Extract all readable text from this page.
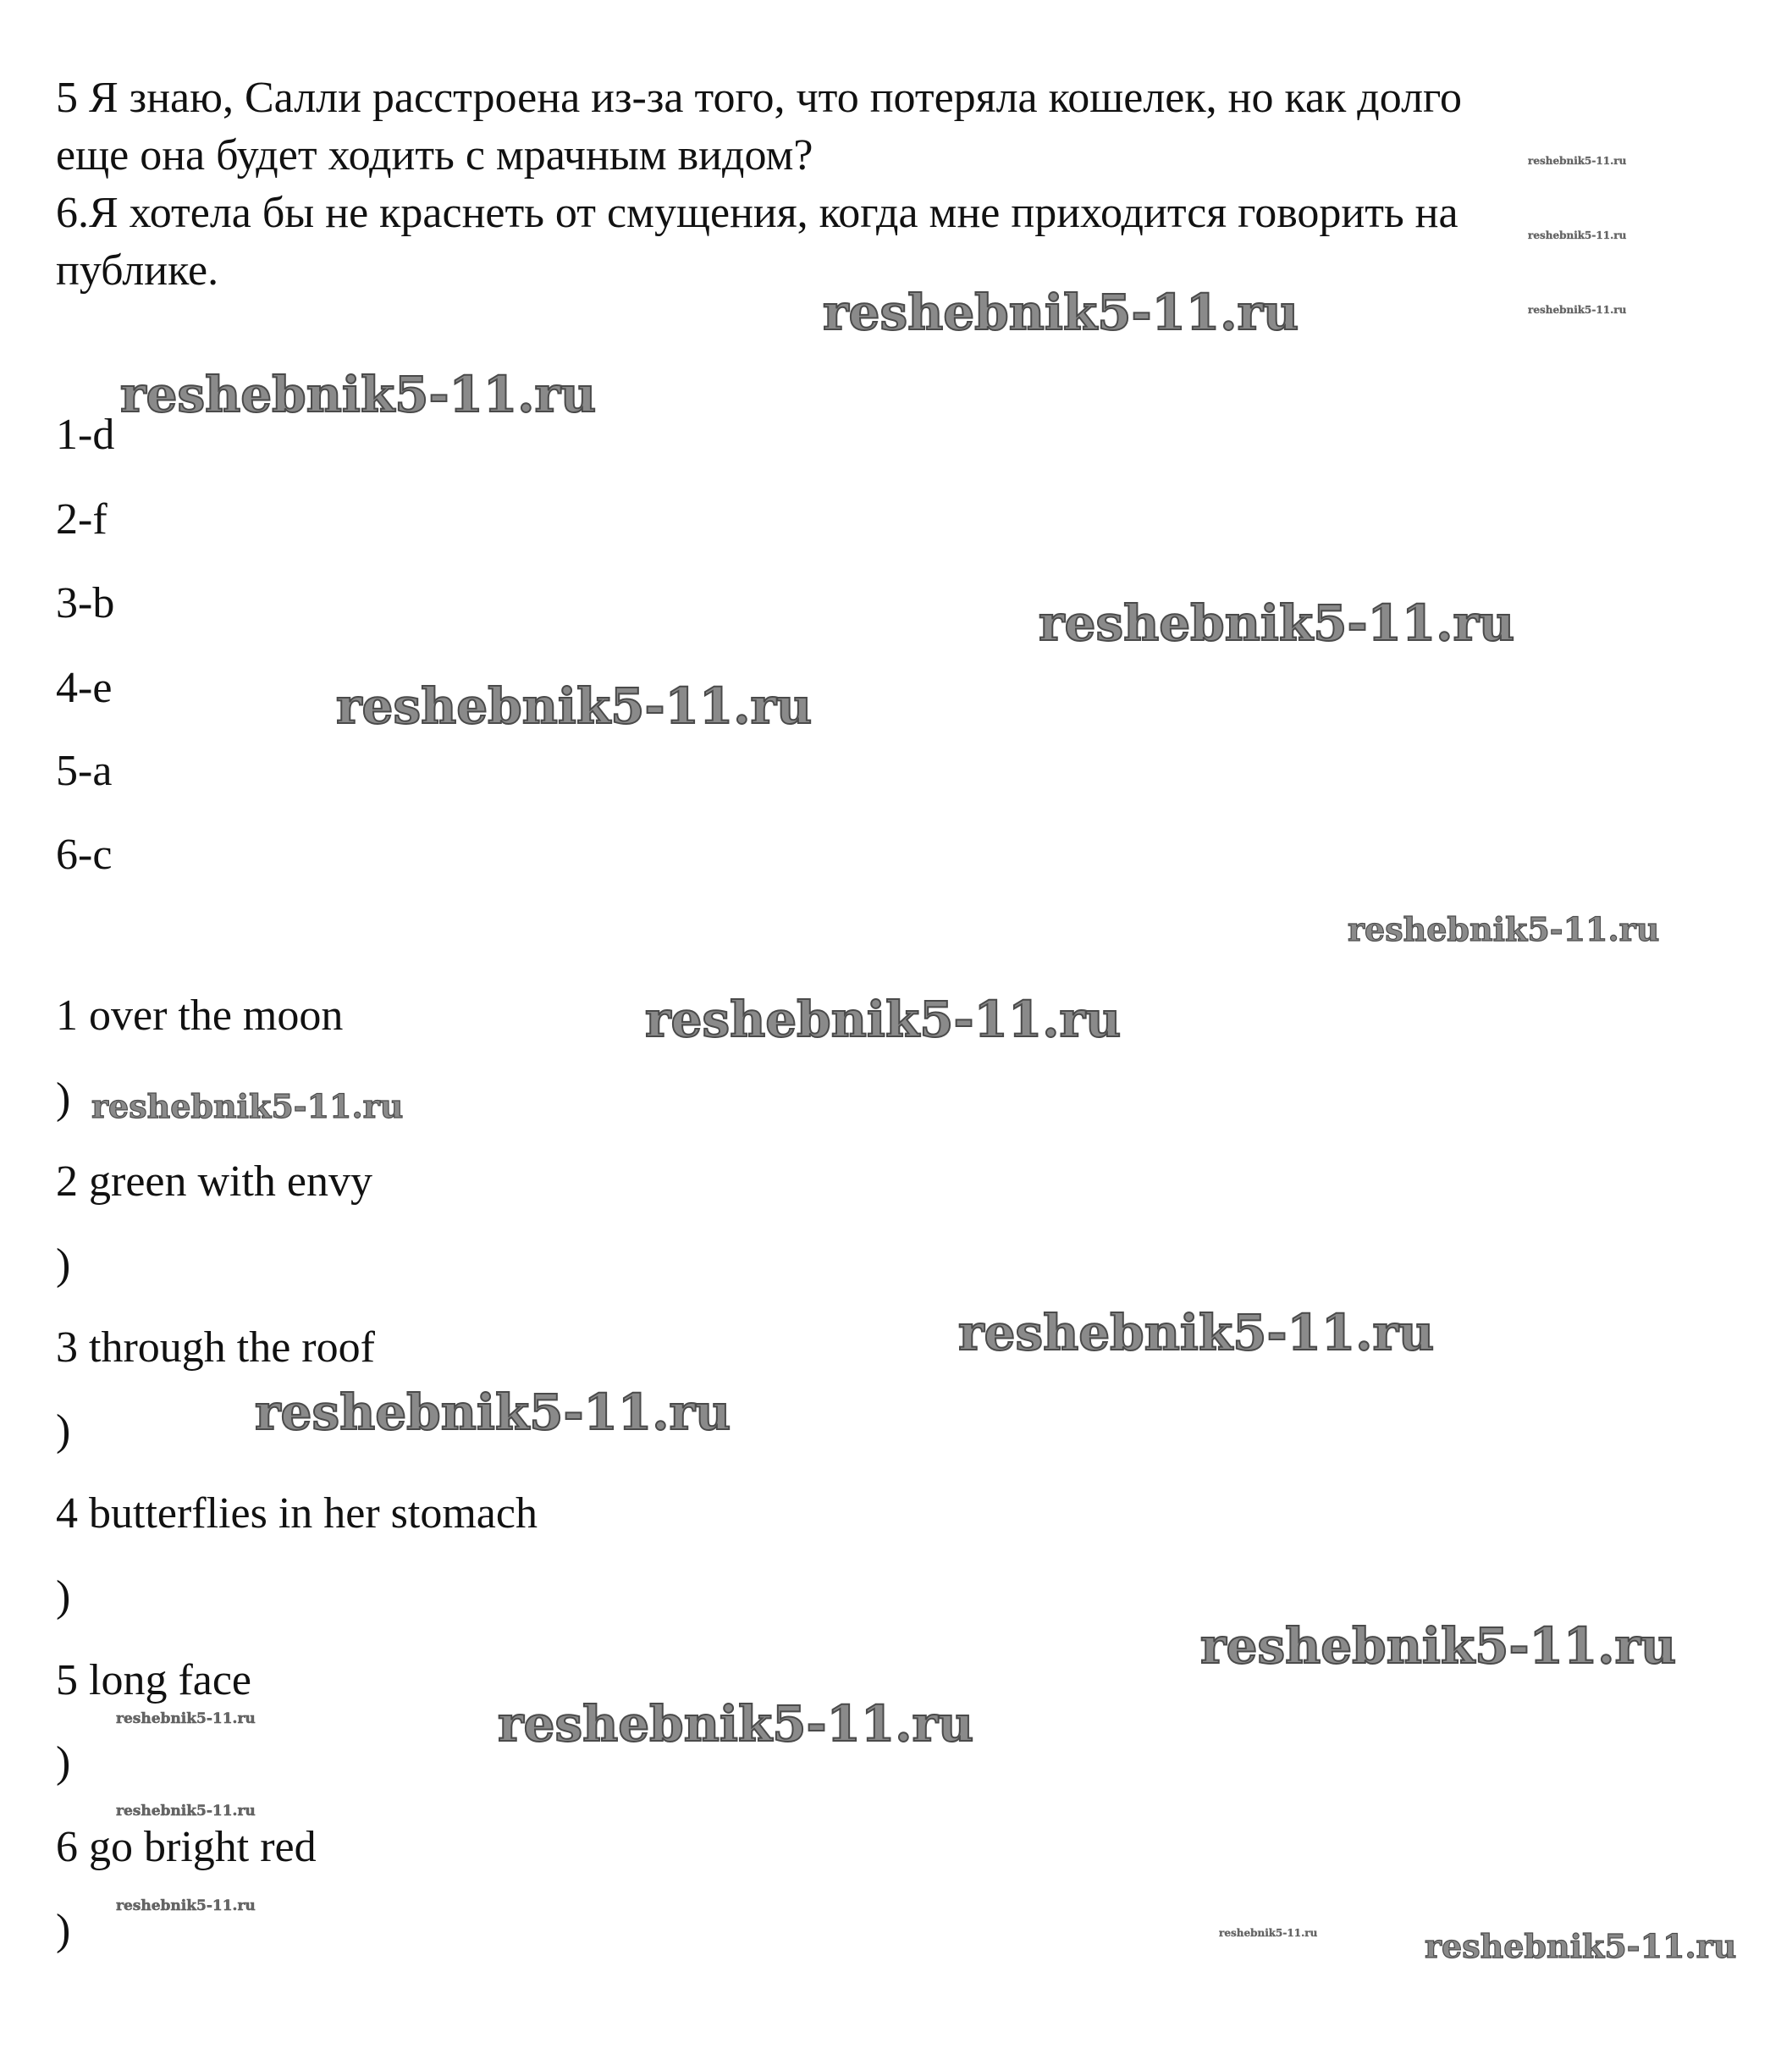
5 Я знаю, Салли расстроена из-за того, что потеряла кошелек, но как долго

еще она будет ходить с мрачным видом?

6.Я хотела бы не краснеть от смущения, когда мне приходится говорить на

публике.

1-d

2-f

3-b

4-e

5-a

6-c

1 over the moon

)

2 green with envy

)

3 through the roof

)

4 butterflies in her stomach

)

5 long face

)

6 go bright red

)

reshebnik5-11.ru
reshebnik5-11.ru
reshebnik5-11.ru
reshebnik5-11.ru
reshebnik5-11.ru
reshebnik5-11.ru
reshebnik5-11.ru
reshebnik5-11.ru
reshebnik5-11.ru
reshebnik5-11.ru
reshebnik5-11.ru
reshebnik5-11.ru
reshebnik5-11.ru
reshebnik5-11.ru
reshebnik5-11.ru
reshebnik5-11.ru
reshebnik5-11.ru
reshebnik5-11.ru
reshebnik5-11.ru
